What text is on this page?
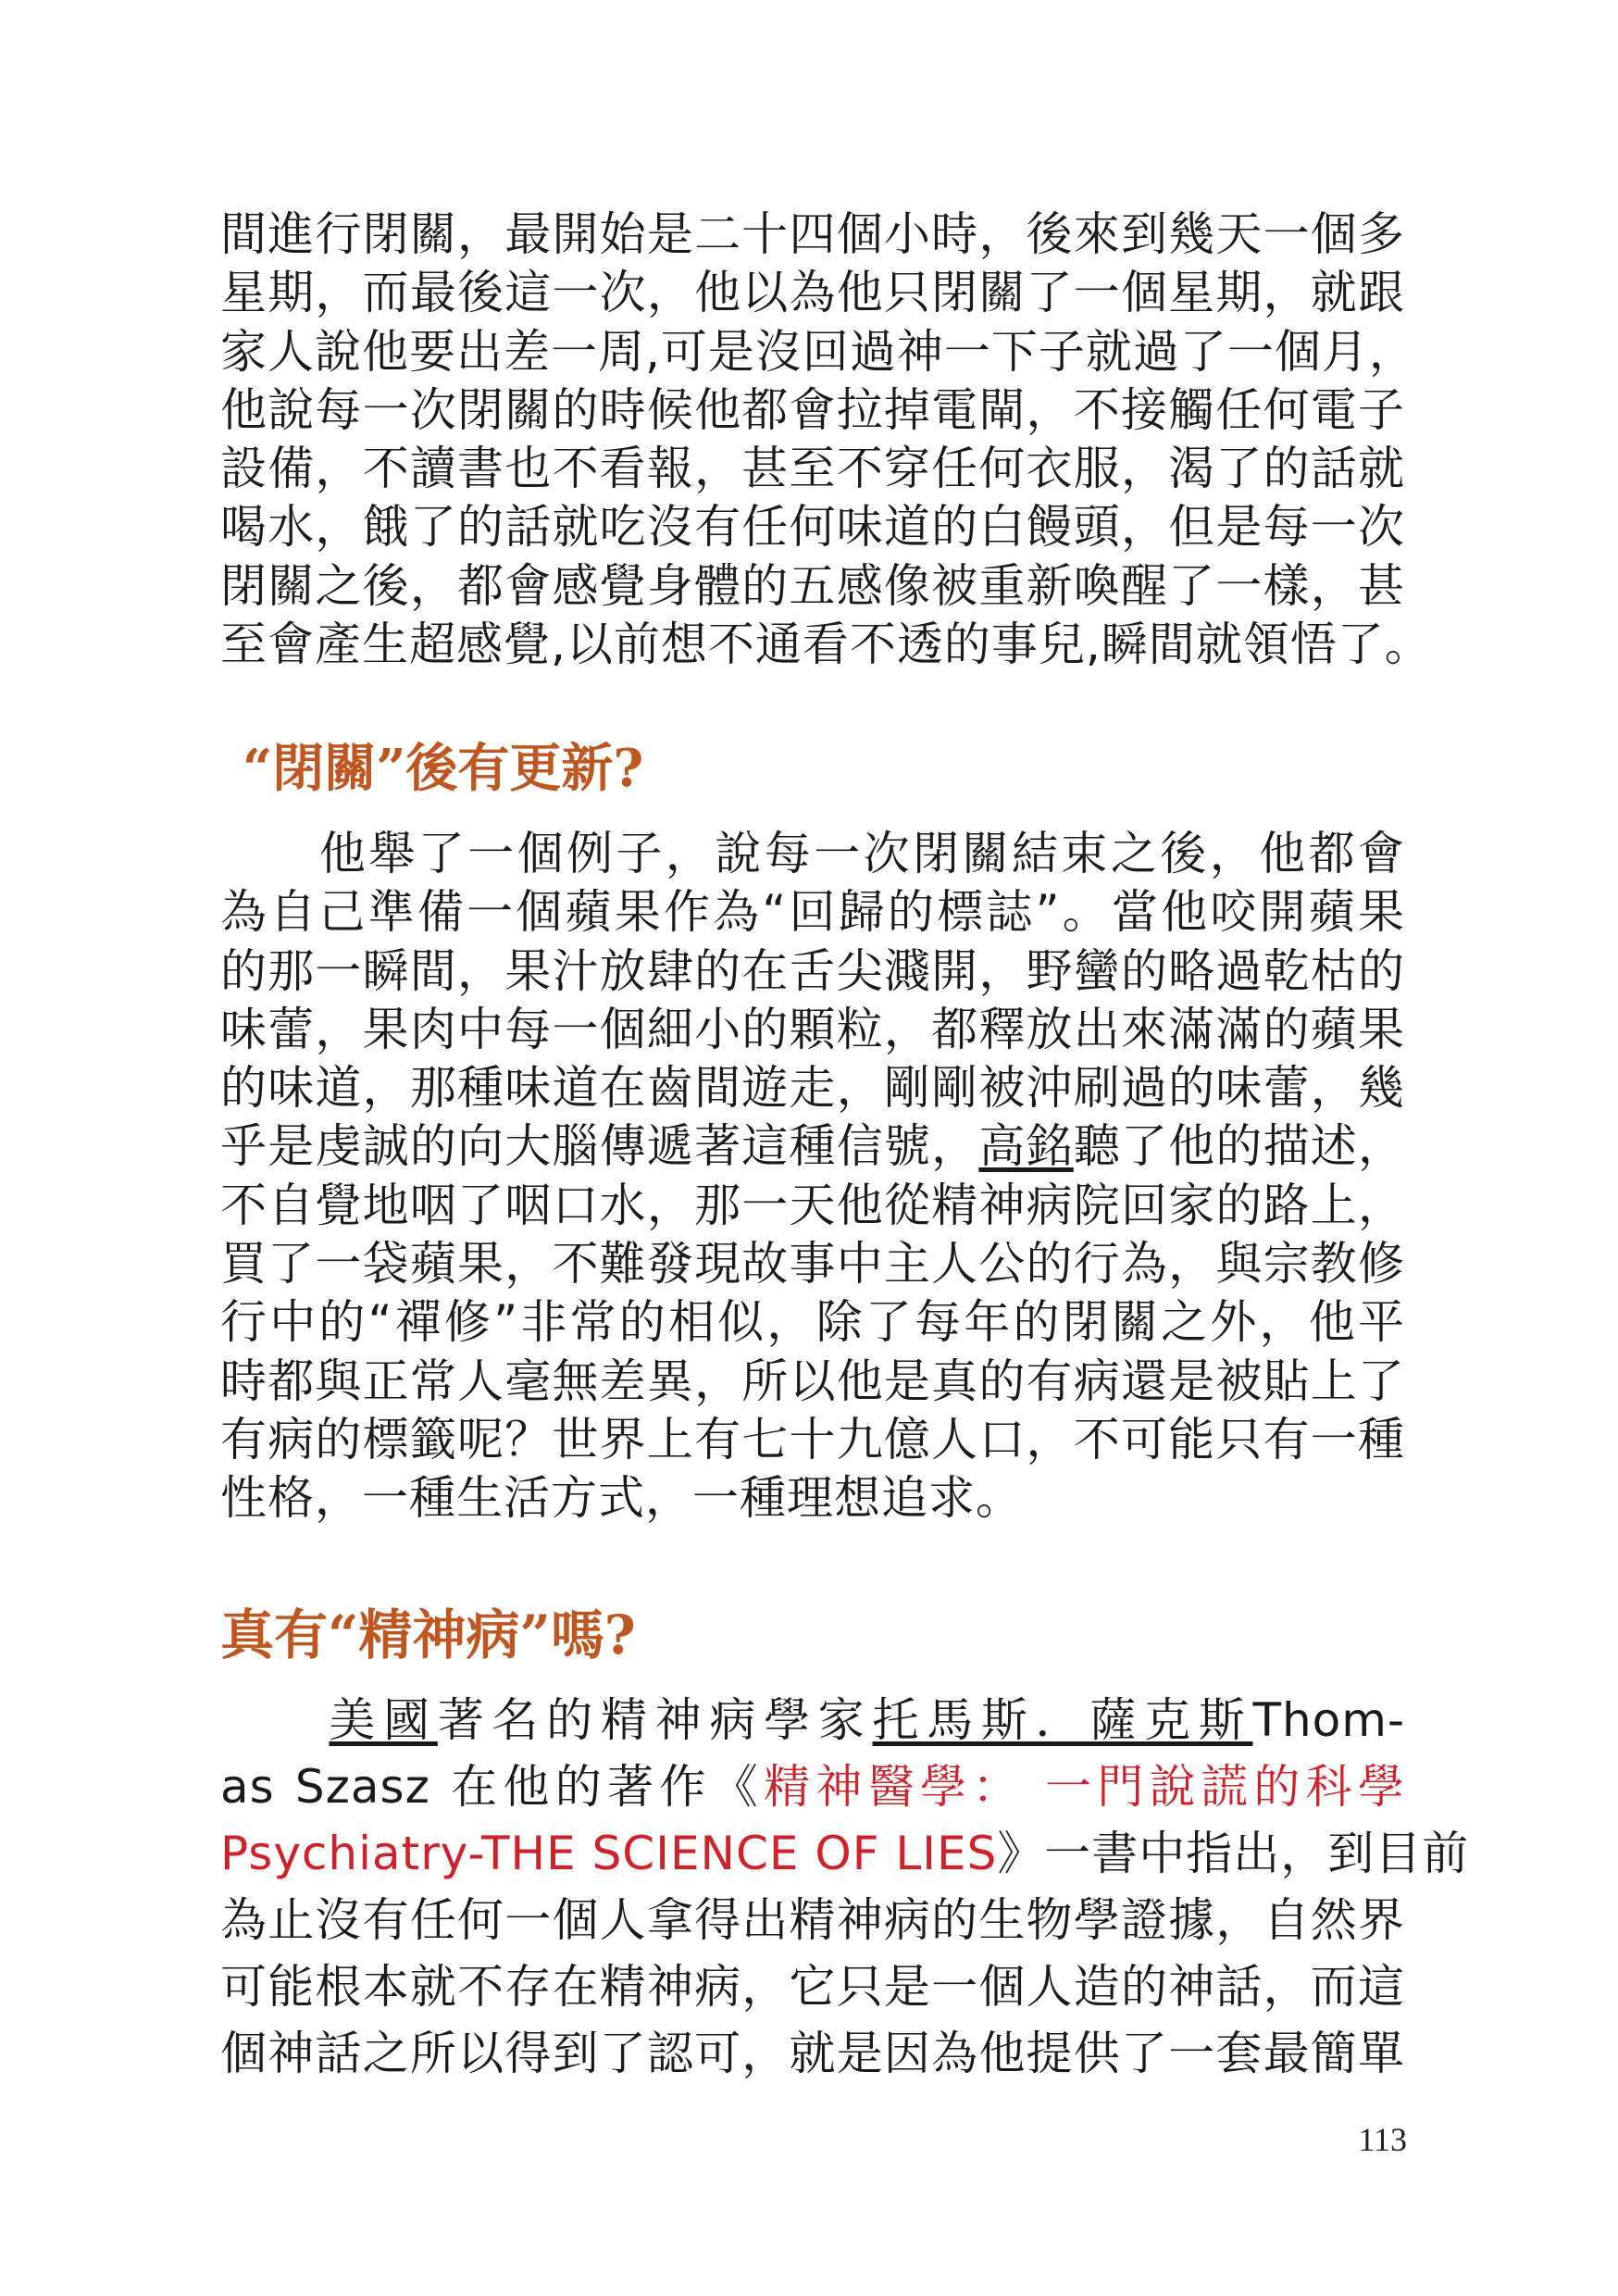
間進行閉關，最開始是二十四個小時，後來到幾天一個多
星期，而最後這一次，他以為他只閉關了一個星期，就跟
家人說他要出差一周,可是沒回過神一下子就過了一個月，
他說每一次閉關的時候他都會拉掉電閘，不接觸任何電子
設備，不讀書也不看報，甚至不穿任何衣服，渴了的話就
喝水，餓了的話就吃沒有任何味道的白饅頭，但是每一次
閉關之後，都會感覺身體的五感像被重新喚醒了一樣，甚
至會產生超感覺,以前想不通看不透的事兒,瞬間就領悟了。

“閉關”後有更新?

　　他舉了一個例子，說每一次閉關結束之後，他都會
為自己準備一個蘋果作為“回歸的標誌”。當他咬開蘋果
的那一瞬間，果汁放肆的在舌尖濺開，野蠻的略過乾枯的
味蕾，果肉中每一個細小的顆粒，都釋放出來滿滿的蘋果
的味道，那種味道在齒間遊走，剛剛被沖刷過的味蕾，幾
乎是虔誠的向大腦傳遞著這種信號，高銘聽了他的描述，
不自覺地咽了咽口水，那一天他從精神病院回家的路上，
買了一袋蘋果，不難發現故事中主人公的行為，與宗教修
行中的“禪修”非常的相似，除了每年的閉關之外，他平
時都與正常人毫無差異，所以他是真的有病還是被貼上了
有病的標籤呢？世界上有七十九億人口，不可能只有一種
性格，一種生活方式，一種理想追求。

真有“精神病”嗎?

　　美國著名的精神病學家托馬斯．薩克斯Thom-
as Szasz 在他的著作《精神醫學： 一門說謊的科學
Psychiatry-THE SCIENCE OF LIES》一書中指出，到目前
為止沒有任何一個人拿得出精神病的生物學證據，自然界
可能根本就不存在精神病，它只是一個人造的神話，而這
個神話之所以得到了認可，就是因為他提供了一套最簡單

113
